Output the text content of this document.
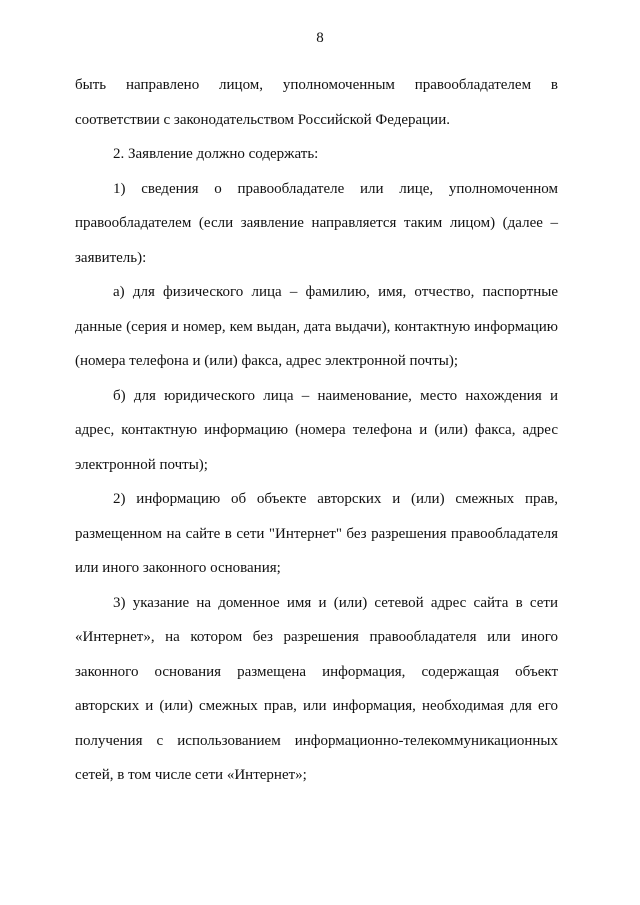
8

быть направлено лицом, уполномоченным правообладателем в соответствии с законодательством Российской Федерации.

2. Заявление должно содержать:

1) сведения о правообладателе или лице, уполномоченном правообладателем (если заявление направляется таким лицом) (далее – заявитель):

а) для физического лица – фамилию, имя, отчество, паспортные данные (серия и номер, кем выдан, дата выдачи), контактную информацию (номера телефона и (или) факса, адрес электронной почты);

б) для юридического лица – наименование, место нахождения и адрес, контактную информацию (номера телефона и (или) факса, адрес электронной почты);

2) информацию об объекте авторских и (или) смежных прав, размещенном на сайте в сети "Интернет" без разрешения правообладателя или иного законного основания;

3) указание на доменное имя и (или) сетевой адрес сайта в сети «Интернет», на котором без разрешения правообладателя или иного законного основания размещена информация, содержащая объект авторских и (или) смежных прав, или информация, необходимая для его получения с использованием информационно-телекоммуникационных сетей, в том числе сети «Интернет»;
